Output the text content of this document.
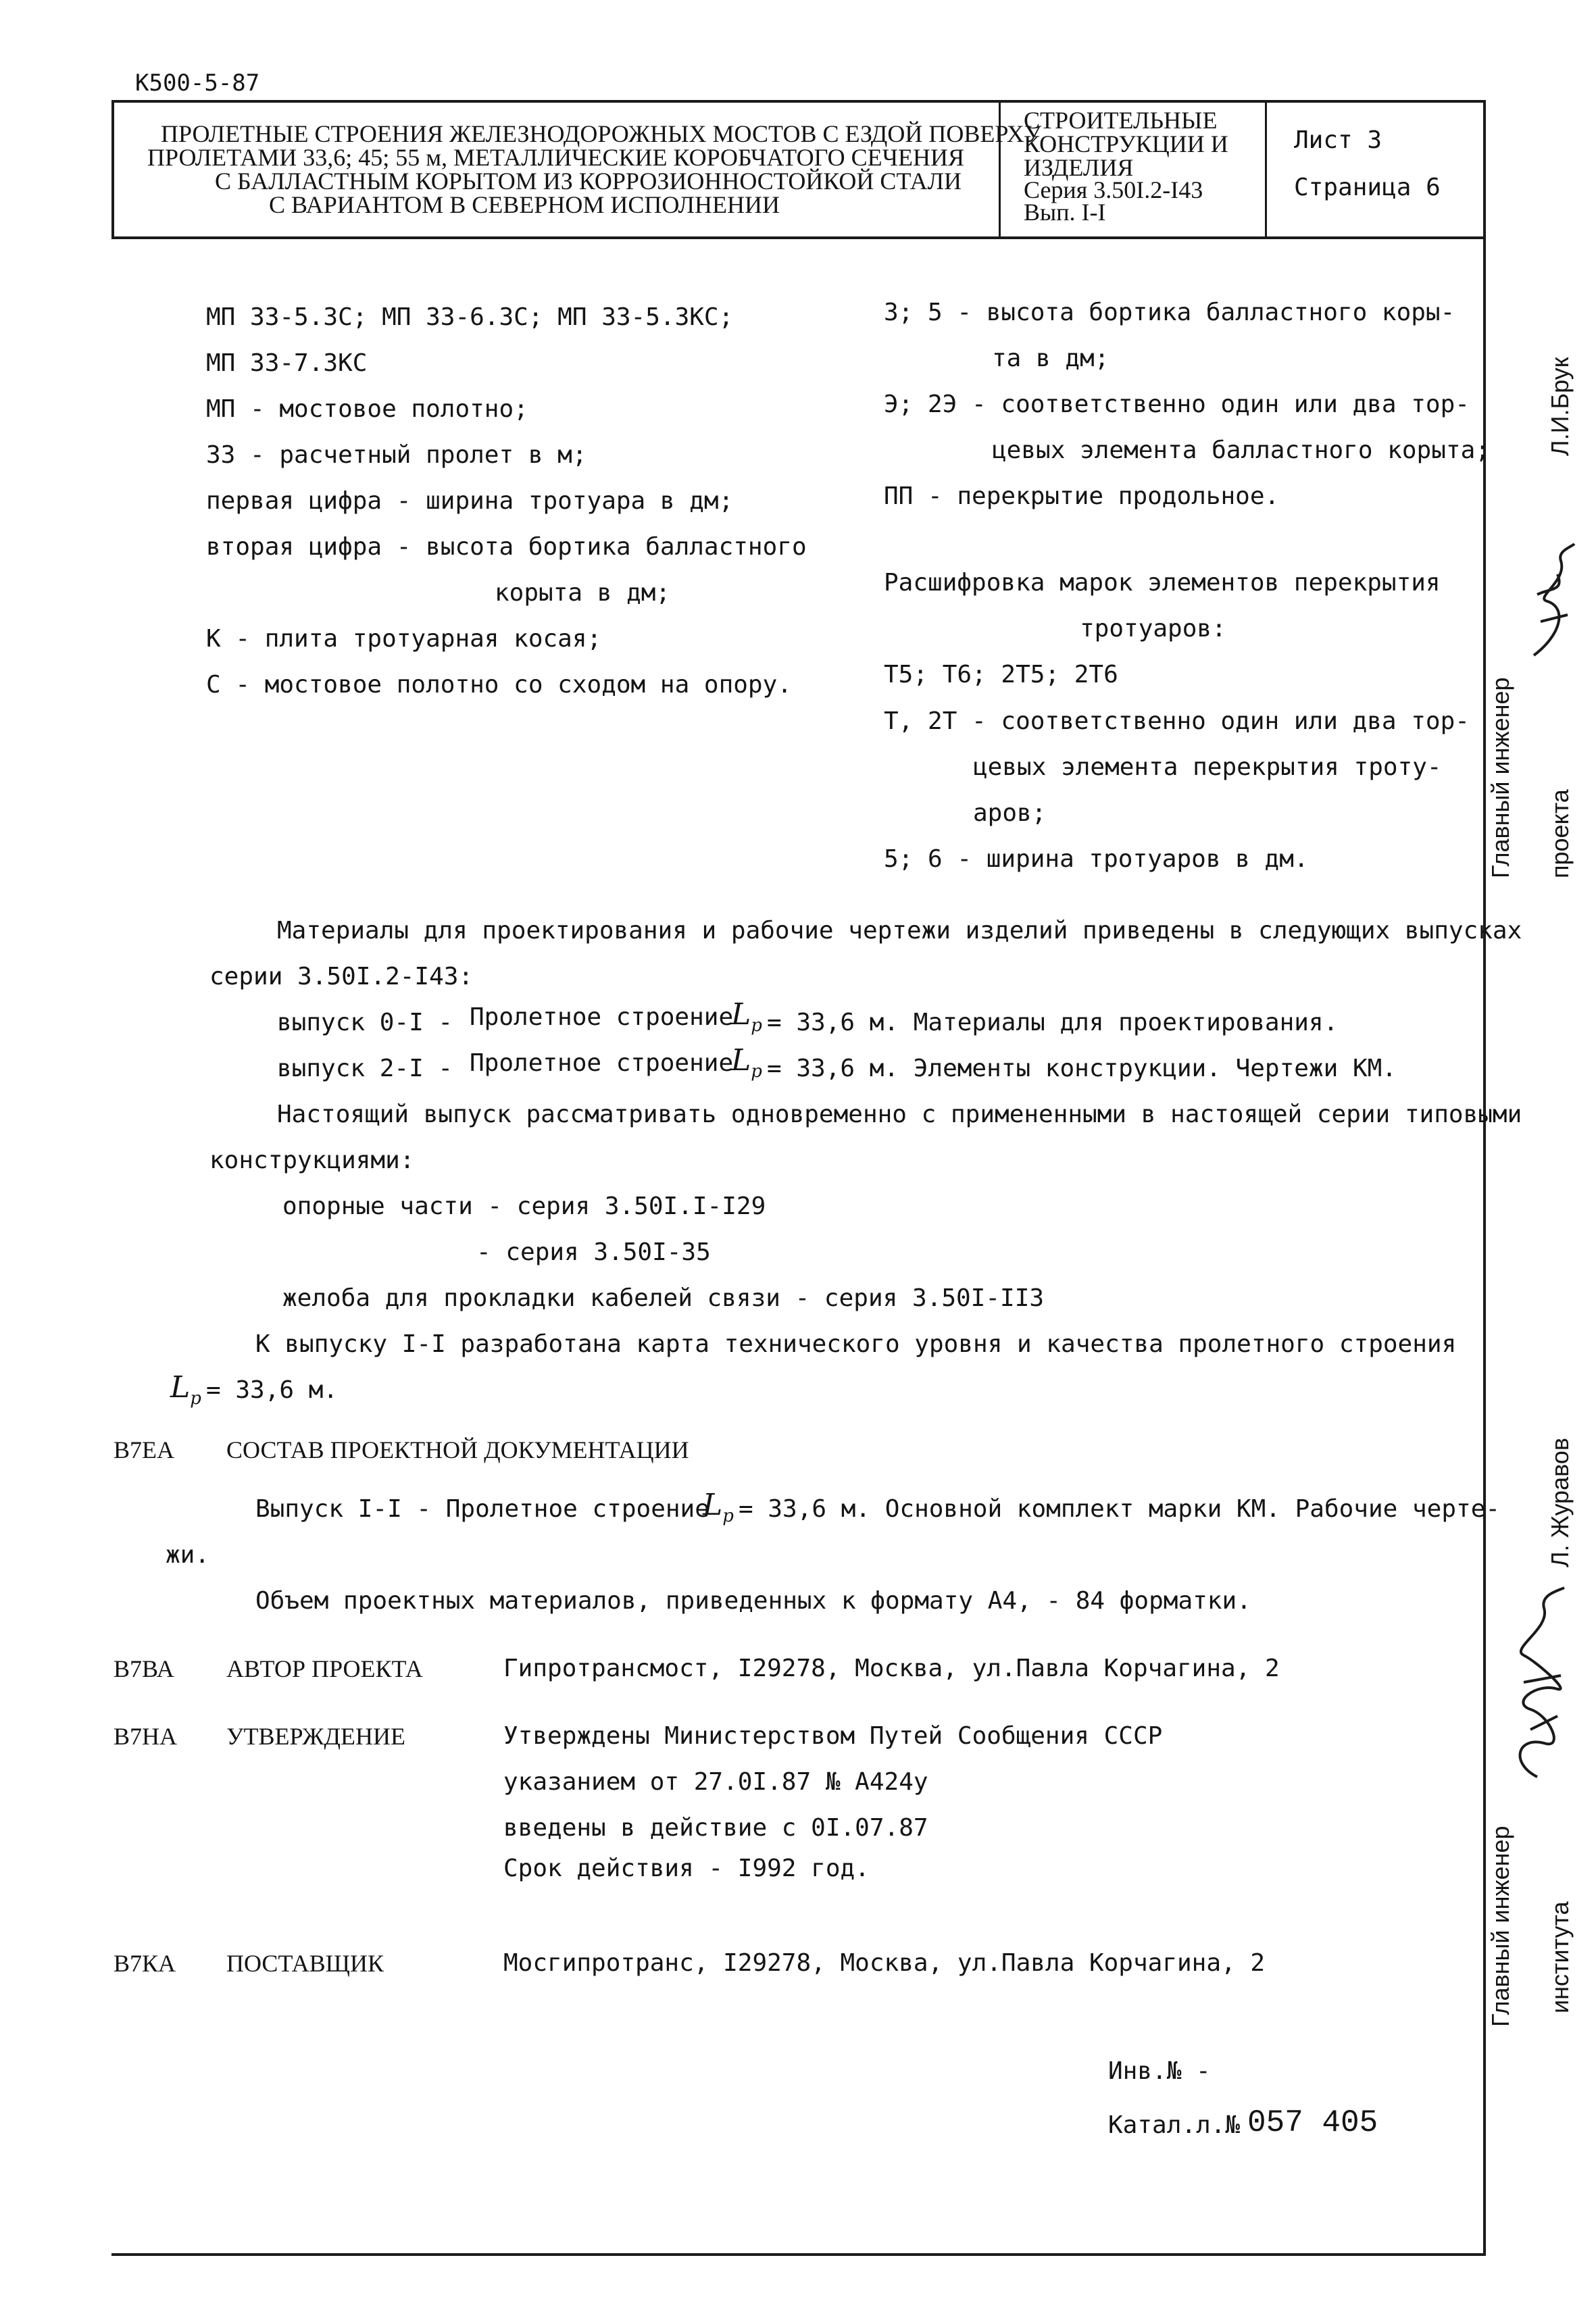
К500-5-87
ПРОЛЕТНЫЕ СТРОЕНИЯ ЖЕЛЕЗНОДОРОЖНЫХ МОСТОВ С ЕЗДОЙ ПОВЕРХУ
ПРОЛЕТАМИ 33,6; 45; 55 м, МЕТАЛЛИЧЕСКИЕ КОРОБЧАТОГО СЕЧЕНИЯ
С БАЛЛАСТНЫМ КОРЫТОМ ИЗ КОРРОЗИОННОСТОЙКОЙ СТАЛИ
С ВАРИАНТОМ В СЕВЕРНОМ ИСПОЛНЕНИИ
СТРОИТЕЛЬНЫЕ
КОНСТРУКЦИИ И
ИЗДЕЛИЯ
Серия 3.50I.2-I43
Вып. I-I
Лист 3
Страница 6
МП 33-5.3С; МП 33-6.3С; МП 33-5.3КС;
МП 33-7.3КС
МП - мостовое полотно;
33 - расчетный пролет в м;
первая цифра - ширина тротуара в дм;
вторая цифра - высота бортика балластного
корыта в дм;
К - плита тротуарная косая;
С - мостовое полотно со сходом на опору.
3; 5 - высота бортика балластного коры-
та в дм;
Э; 2Э - соответственно один или два тор-
цевых элемента балластного корыта;
ПП - перекрытие продольное.
Расшифровка марок элементов перекрытия
тротуаров:
Т5; Т6; 2Т5; 2Т6
Т, 2Т - соответственно один или два тор-
цевых элемента перекрытия троту-
аров;
5; 6 - ширина тротуаров в дм.
Материалы для проектирования и рабочие чертежи изделий приведены в следующих выпусках
серии 3.50I.2-I43:
выпуск 0-I - Пролетное строение
$L_p = 33,6$ м. Материалы для проектирования.
выпуск 2-I - Пролетное строение
$L_p = 33,6$ м. Элементы конструкции. Чертежи КМ.
Настоящий выпуск рассматривать одновременно с примененными в настоящей серии типовыми
конструкциями:
опорные части - серия 3.50I.I-I29
- серия 3.50I-35
желоба для прокладки кабелей связи - серия 3.50I-II3
К выпуску I-I разработана карта технического уровня и качества пролетного строения
$L_p = 33,6$ м.
В7ЕА СОСТАВ ПРОЕКТНОЙ ДОКУМЕНТАЦИИ
Выпуск I-I - Пролетное строение
$L_p = 33,6$ м. Основной комплект марки КМ. Рабочие черте-
жи.
Объем проектных материалов, приведенных к формату А4, - 84 форматки.
В7ВА АВТОР ПРОЕКТА	Гипротрансмост, I29278, Москва, ул.Павла Корчагина, 2
В7НА УТВЕРЖДЕНИЕ	Утверждены Министерством Путей Сообщения СССР
указанием от 27.0I.87 № А424у
введены в действие с 0I.07.87
Срок действия - I992 год.
В7КА ПОСТАВЩИК	Мосгипротранс, I29278, Москва, ул.Павла Корчагина, 2
Инв.№ -
Катал.л.№ 057 405
Главный инженер проекта
Л.И.Брук
Главный инженер института
Л. Журавов
